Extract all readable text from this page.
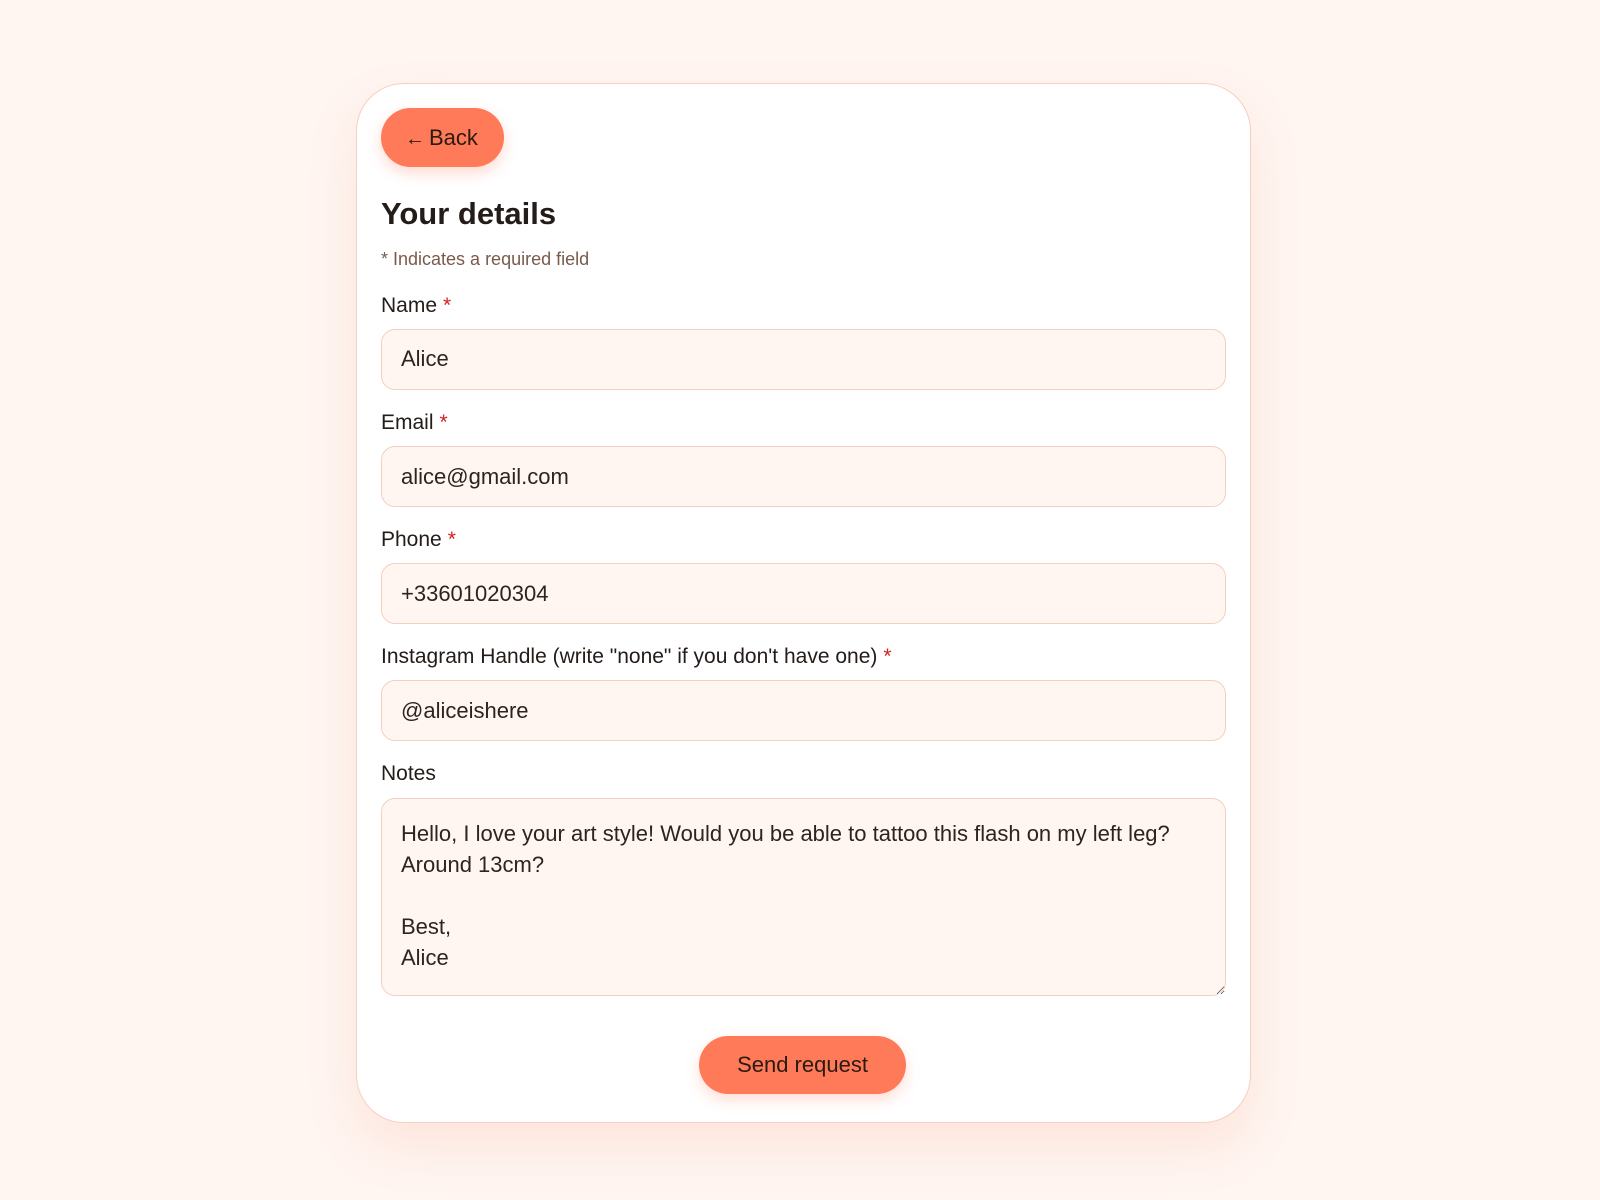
← Back
Your details

* Indicates a required field

Name *
Alice
Email *
alice@gmail.com
Phone *
+33601020304
Instagram Handle (write "none" if you don't have one) *
@aliceishere
Notes
Hello, I love your art style! Would you be able to tattoo this flash on my left leg? Around 13cm? Best, Alice
Send request
